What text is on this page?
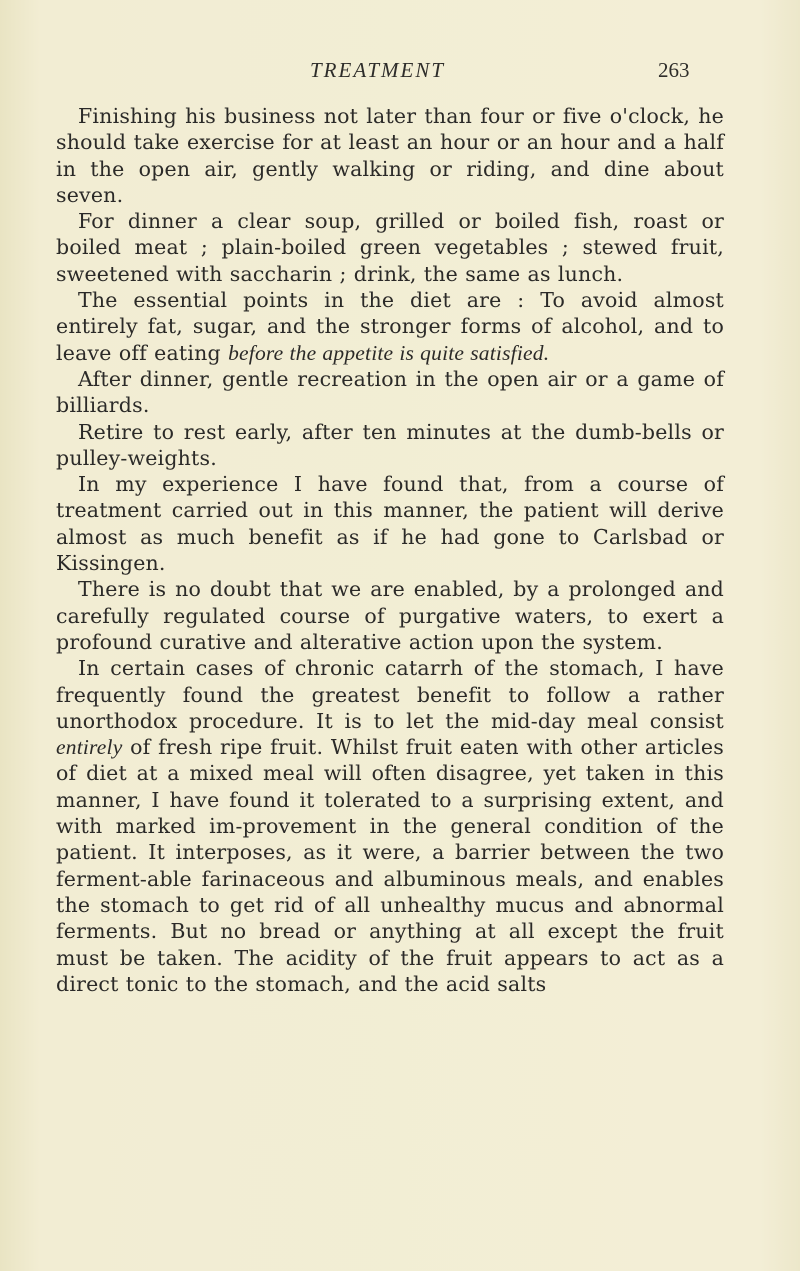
TREATMENT	263

Finishing his business not later than four or five o'clock, he should take exercise for at least an hour or an hour and a half in the open air, gently walking or riding, and dine about seven.

For dinner a clear soup, grilled or boiled fish, roast or boiled meat ; plain-boiled green vegetables ; stewed fruit, sweetened with saccharin ; drink, the same as lunch.

The essential points in the diet are : To avoid almost entirely fat, sugar, and the stronger forms of alcohol, and to leave off eating before the appetite is quite satisfied.

After dinner, gentle recreation in the open air or a game of billiards.

Retire to rest early, after ten minutes at the dumb-bells or pulley-weights.

In my experience I have found that, from a course of treatment carried out in this manner, the patient will derive almost as much benefit as if he had gone to Carlsbad or Kissingen.

There is no doubt that we are enabled, by a prolonged and carefully regulated course of purgative waters, to exert a profound curative and alterative action upon the system.

In certain cases of chronic catarrh of the stomach, I have frequently found the greatest benefit to follow a rather unorthodox procedure. It is to let the mid-day meal consist entirely of fresh ripe fruit. Whilst fruit eaten with other articles of diet at a mixed meal will often disagree, yet taken in this manner, I have found it tolerated to a surprising extent, and with marked im-provement in the general condition of the patient. It interposes, as it were, a barrier between the two ferment-able farinaceous and albuminous meals, and enables the stomach to get rid of all unhealthy mucus and abnormal ferments. But no bread or anything at all except the fruit must be taken. The acidity of the fruit appears to act as a direct tonic to the stomach, and the acid salts
